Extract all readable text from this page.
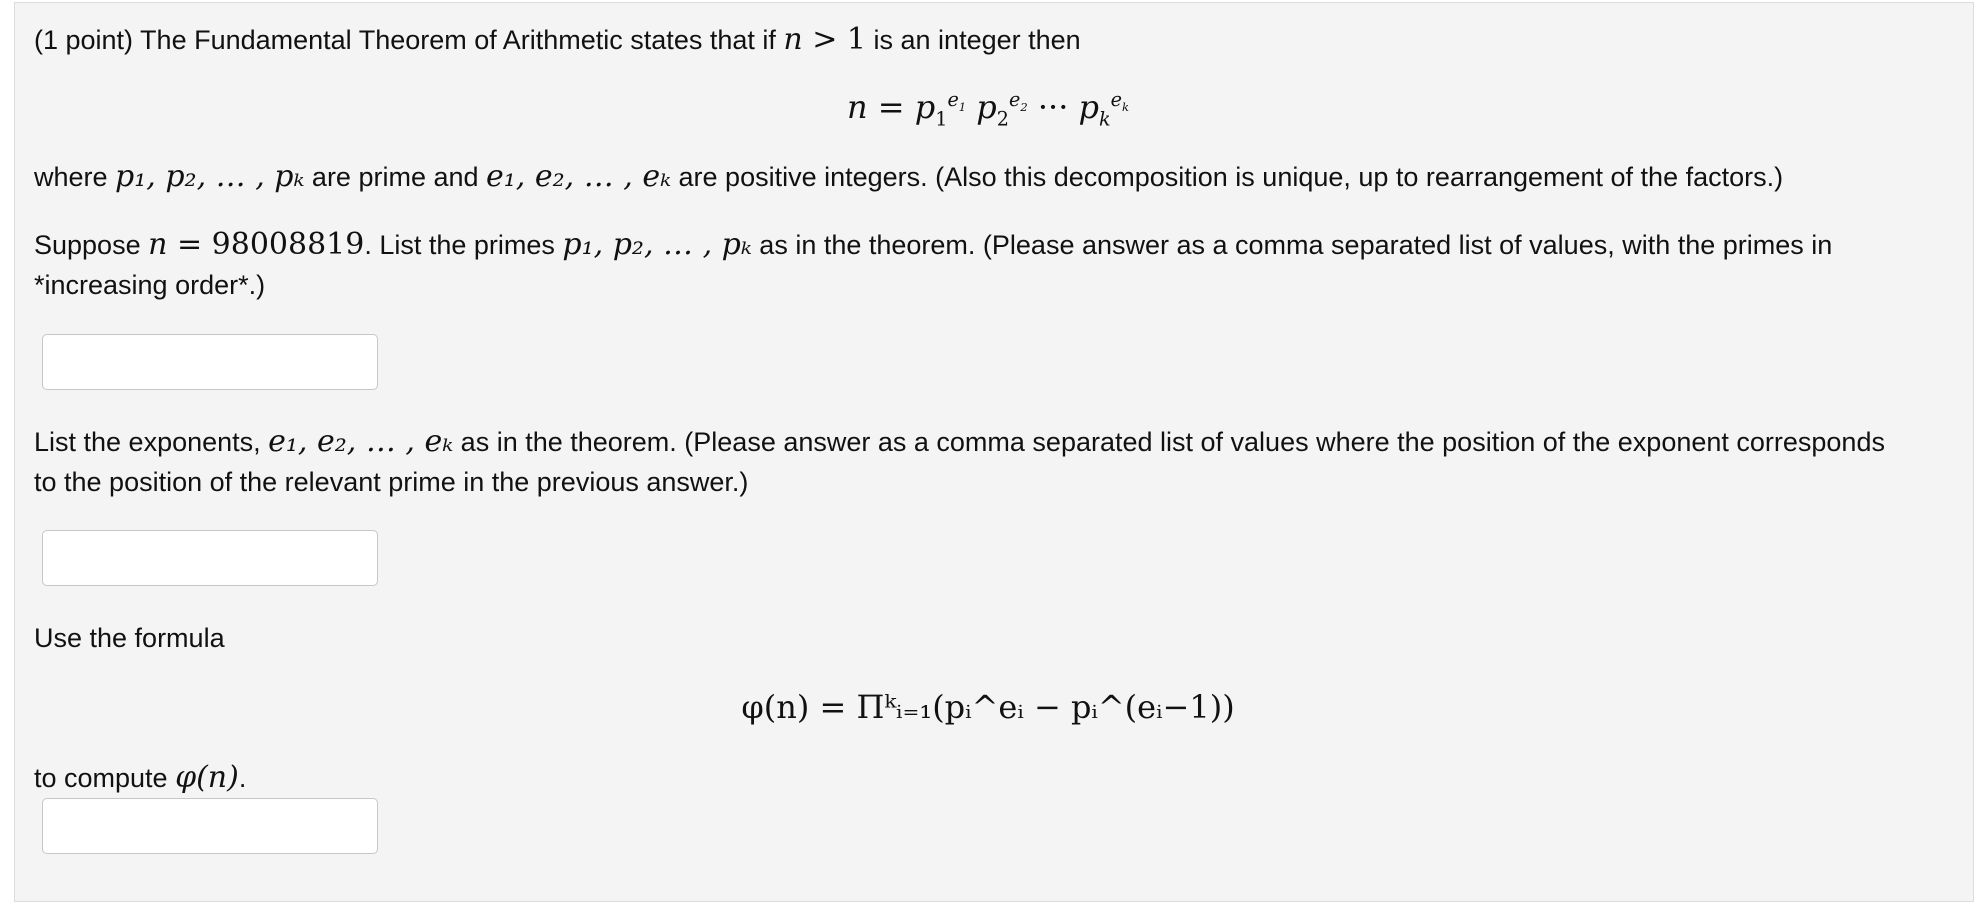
(1 point) The Fundamental Theorem of Arithmetic states that if n > 1 is an integer then
$n = p_1^{e_1}$ $p_2^{e_2}$ ··· $p_k^{e_k}$
where p₁, p₂, … , pₖ are prime and e₁, e₂, … , eₖ are positive integers. (Also this decomposition is unique, up to rearrangement of the factors.)
Suppose n = 98008819. List the primes p₁, p₂, … , pₖ as in the theorem. (Please answer as a comma separated list of values, with the primes in
*increasing order*.)
List the exponents, e₁, e₂, … , eₖ as in the theorem. (Please answer as a comma separated list of values where the position of the exponent corresponds
to the position of the relevant prime in the previous answer.)
Use the formula
φ(n) = Πᵏᵢ₌₁(pᵢ^eᵢ − pᵢ^(eᵢ−1))
to compute φ(n).
